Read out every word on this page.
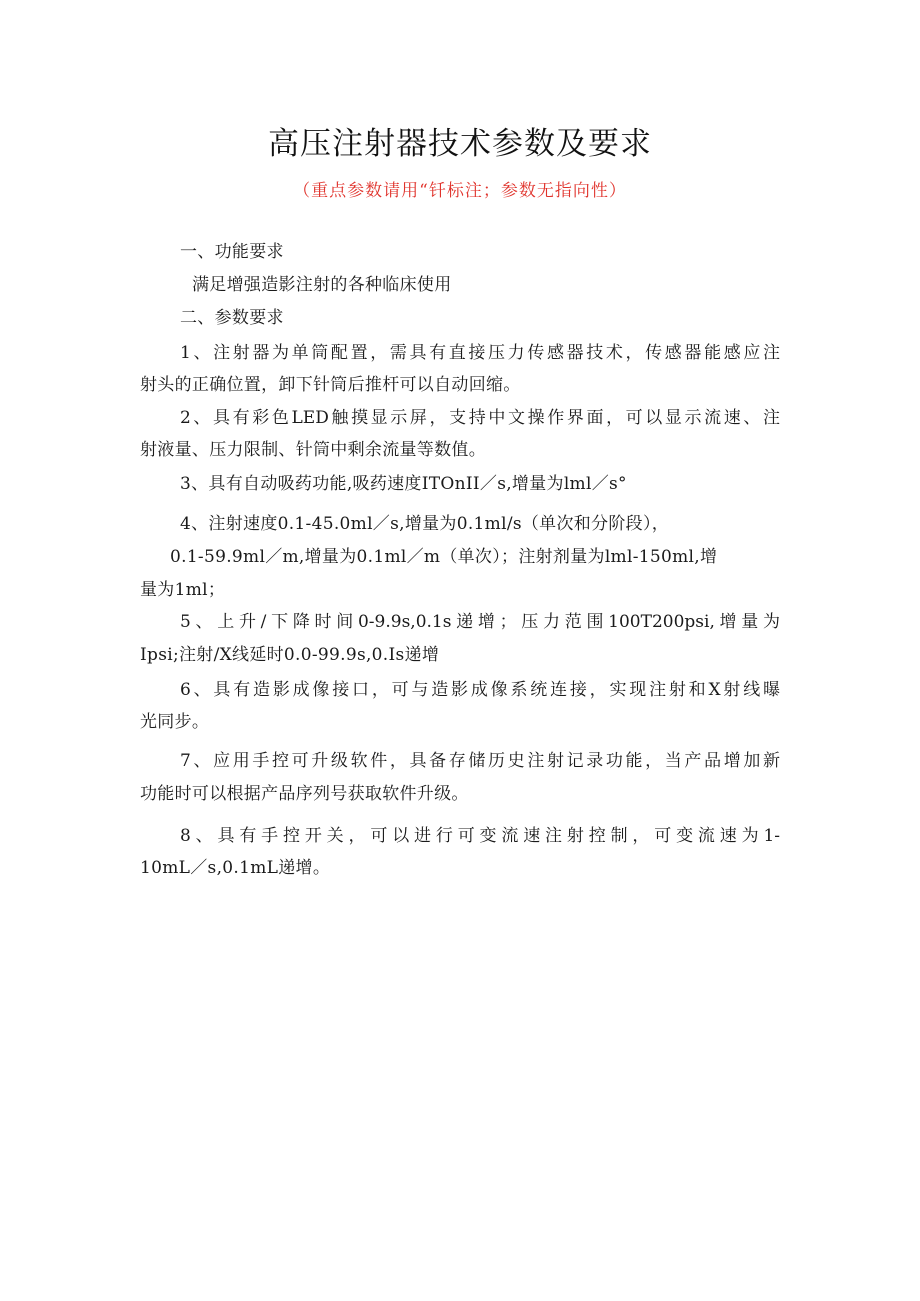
高压注射器技术参数及要求

（重点参数请用“钎标注；参数无指向性）

一、功能要求

满足增强造影注射的各种临床使用

二、参数要求

1、注射器为单筒配置，需具有直接压力传感器技术，传感器能感应注

射头的正确位置，卸下针筒后推杆可以自动回缩。

2、具有彩色LED触摸显示屏，支持中文操作界面，可以显示流速、注

射液量、压力限制、针筒中剩余流量等数值。

3、具有自动吸药功能,吸药速度ITOnII／s,增量为lml／s°

4、注射速度0.1-45.0ml／s,增量为0.1ml/s（单次和分阶段），

0.1-59.9ml／m,增量为0.1ml／m（单次）；注射剂量为lml-150ml,增

量为1ml；

5、上升/下降时间0-9.9s,0.1s递增；压力范围100T200psi,增量为

Ipsi;注射/X线延时0.0-99.9s,0.Is递增

6、具有造影成像接口，可与造影成像系统连接，实现注射和X射线曝

光同步。

7、应用手控可升级软件，具备存储历史注射记录功能，当产品增加新

功能时可以根据产品序列号获取软件升级。

8、具有手控开关，可以进行可变流速注射控制，可变流速为1-

10mL／s,0.1mL递增。
